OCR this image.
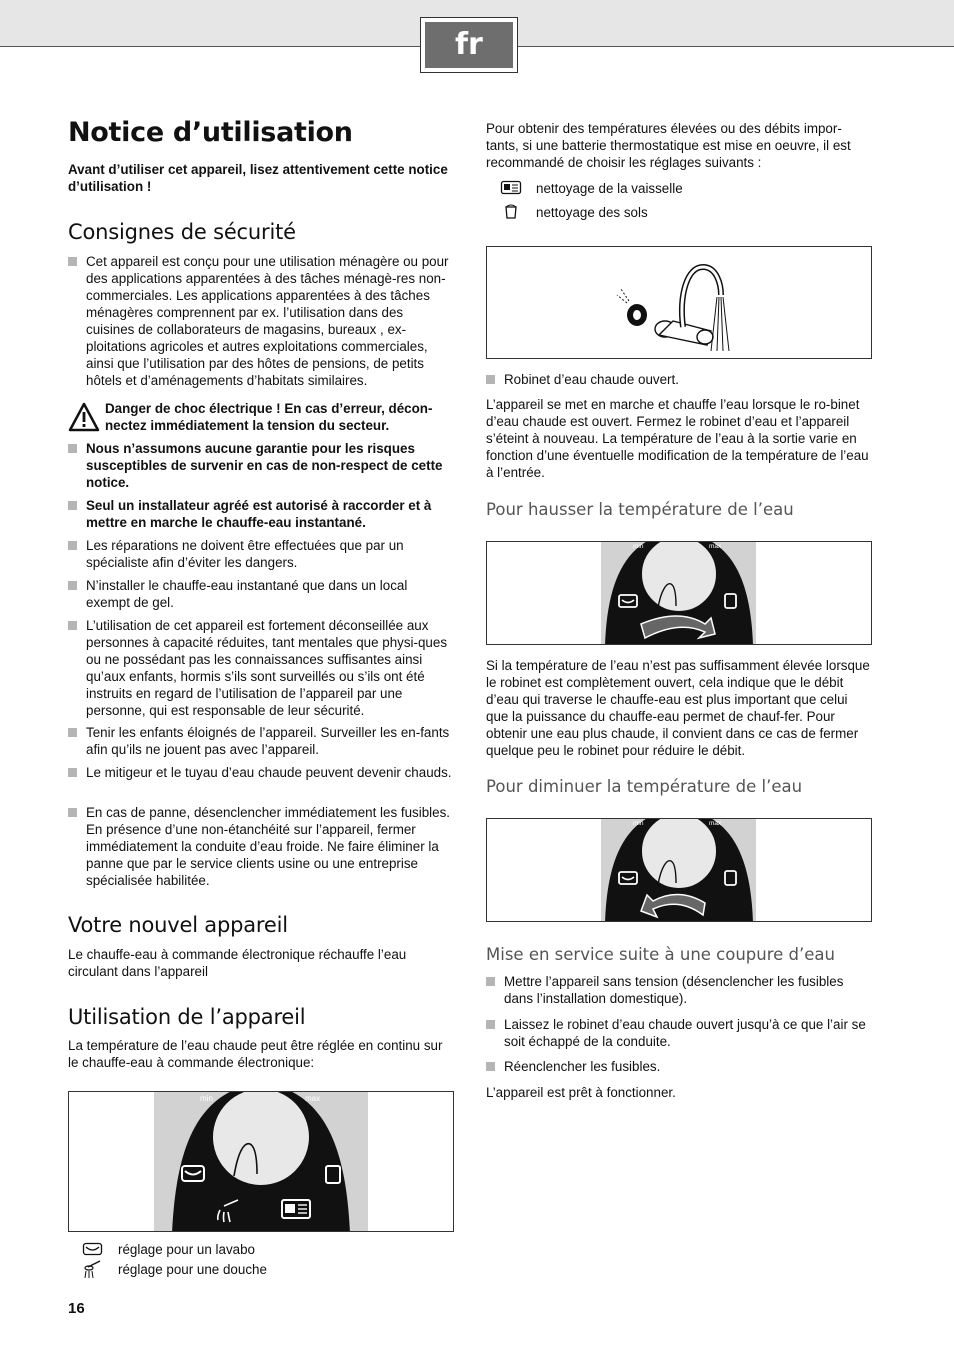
fr
Notice d’utilisation

Avant d’utiliser cet appareil, lisez attentivement cette notice d’utilisation !

Consignes de sécurité
Cet appareil est conçu pour une utilisation ménagère ou pour des applications apparentées à des tâches ménagè-res non-commerciales. Les applications apparentées à des tâches ménagères comprennent par ex. l’utilisation dans des cuisines de collaborateurs de magasins, bureaux , ex-ploitations agricoles et autres exploitations commerciales, ainsi que l’utilisation par des hôtes de pensions, de petits hôtels et d’aménagements d’habitats similaires.

Danger de choc électrique ! En cas d’erreur, décon-nectez immédiatement la tension du secteur.

Nous n’assumons aucune garantie pour les risques susceptibles de survenir en cas de non-respect de cette notice.
Seul un installateur agréé est autorisé à raccorder et à mettre en marche le chauffe-eau instantané.
Les réparations ne doivent être effectuées que par un spécialiste afin d’éviter les dangers.
N’installer le chauffe-eau instantané que dans un local exempt de gel.
L’utilisation de cet appareil est fortement déconseillée aux personnes à capacité réduites, tant mentales que physi-ques ou ne possédant pas les connaissances suffisantes ainsi qu’aux enfants, hormis s’ils sont surveillés ou s’ils ont été instruits en regard de l’utilisation de l’appareil par une personne, qui est responsable de leur sécurité.
Tenir les enfants éloignés de l’appareil. Surveiller les en-fants afin qu’ils ne jouent pas avec l’appareil.
Le mitigeur et le tuyau d’eau chaude peuvent devenir chauds.
En cas de panne, désenclencher immédiatement les fusibles. En présence d’une non-étanchéité sur l’appareil, fermer immédiatement la conduite d’eau froide. Ne faire éliminer la panne que par le service clients usine ou une entreprise spécialisée habilitée.
Votre nouvel appareil

Le chauffe-eau à commande électronique réchauffe l’eau circulant dans l’appareil

Utilisation de l’appareil

La température de l’eau chaude peut être réglée en continu sur le chauffe-eau à commande électronique:

min	max
réglage pour un lavabo
réglage pour une douche
16

Pour obtenir des températures élevées ou des débits impor-tants, si une batterie thermostatique est mise en oeuvre, il est recommandé de choisir les réglages suivants :

nettoyage de la vaisselle
nettoyage des sols
Robinet d’eau chaude ouvert.

L’appareil se met en marche et chauffe l’eau lorsque le ro-binet d’eau chaude est ouvert. Fermez le robinet d’eau et l’appareil s’éteint à nouveau. La température de l’eau à la sortie varie en fonction d’une éventuelle modification de la température de l’eau à l’entrée.

Pour hausser la température de l’eau
min	max

Si la température de l’eau n’est pas suffisamment élevée lorsque le robinet est complètement ouvert, cela indique que le débit d’eau qui traverse le chauffe-eau est plus important que celui que la puissance du chauffe-eau permet de chauf-fer. Pour obtenir une eau plus chaude, il convient dans ce cas de fermer quelque peu le robinet pour réduire le débit.

Pour diminuer la température de l’eau
min	max
Mise en service suite à une coupure d’eau
Mettre l’appareil sans tension (désenclencher les fusibles dans l’installation domestique).
Laissez le robinet d’eau chaude ouvert jusqu’à ce que l’air se soit échappé de la conduite.
Réenclencher les fusibles.

L’appareil est prêt à fonctionner.
